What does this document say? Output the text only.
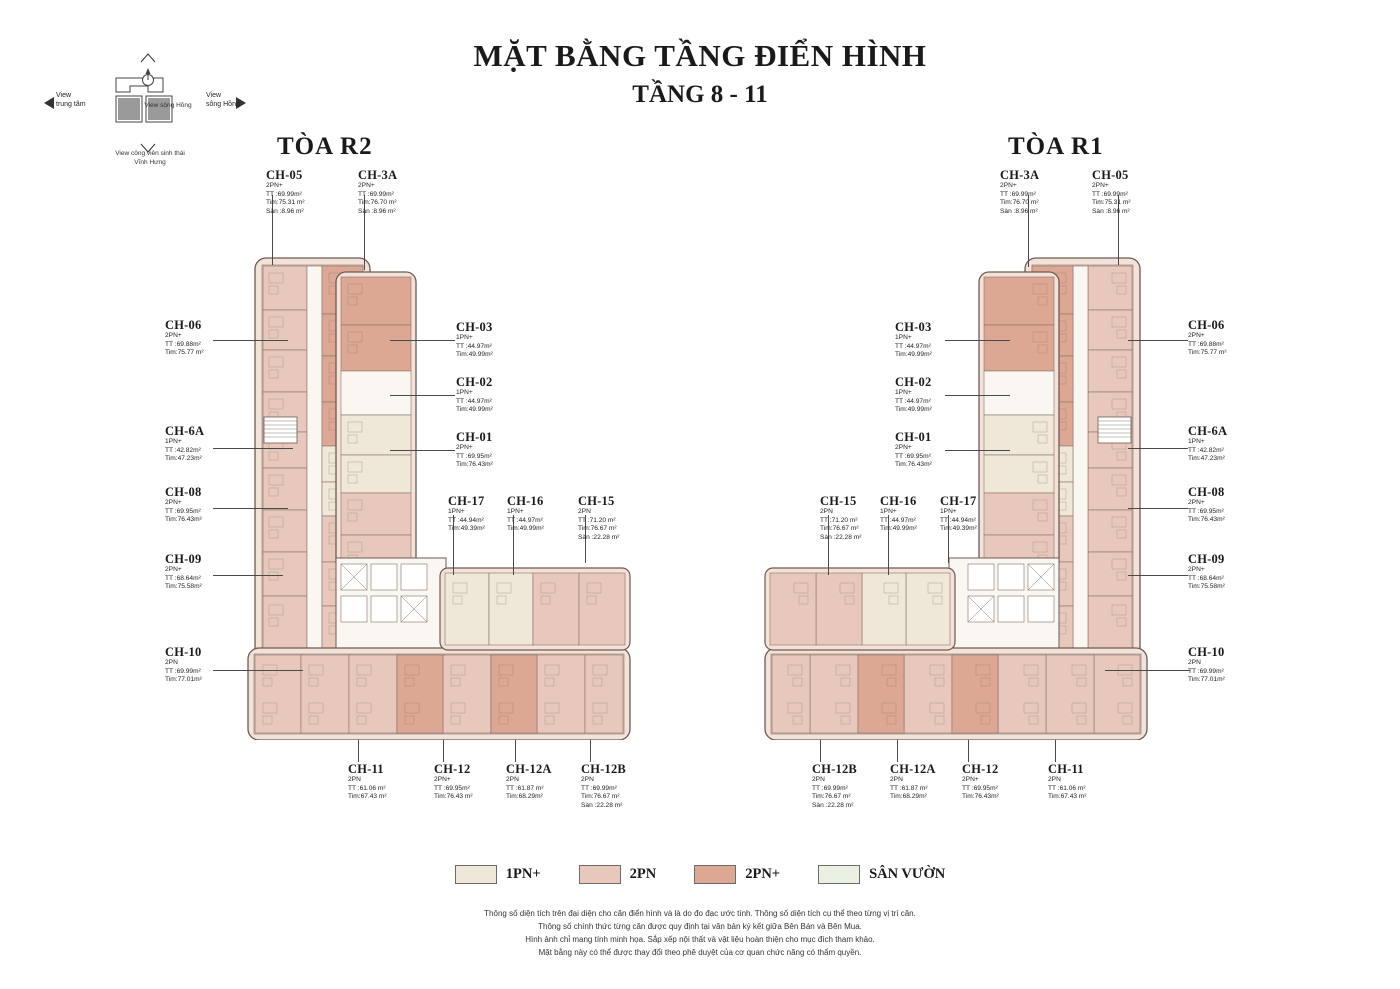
MẶT BẰNG TẦNG ĐIỂN HÌNH
TẦNG 8 - 11
View sông Hồng
View
trung tâm
View
sông Hồng
View công viên sinh thái
Vĩnh Hưng
TÒA R2	TÒA R1
CH-05
2PN+
TT :69.99m²
Tim:75.31 m²
Sàn :8.96 m²
CH-3A
2PN+
TT :69.99m²
Tim:76.70 m²
Sàn :8.96 m²
CH-06
2PN+
TT :69.88m²
Tim:75.77 m²
CH-6A
1PN+
TT :42.82m²
Tim:47.23m²
CH-08
2PN+
TT :69.95m²
Tim:76.43m²
CH-09
2PN+
TT :68.64m²
Tim:75.58m²
CH-10
2PN
TT :69.99m²
Tim:77.01m²
CH-03
1PN+
TT :44.97m²
Tim:49.99m²
CH-02
1PN+
TT :44.97m²
Tim:49.99m²
CH-01
2PN+
TT :69.95m²
Tim:76.43m²
CH-17
1PN+
TT :44.94m²
Tim:49.39m²
CH-16
1PN+
TT :44.97m²
Tim:49.99m²
CH-15
2PN
TT :71.20 m²
Tim:76.67 m²
Sàn :22.28 m²
CH-11
2PN
TT :61.06 m²
Tim:67.43 m²
CH-12
2PN+
TT :69.95m²
Tim:76.43 m²
CH-12A
2PN
TT :61.87 m²
Tim:68.29m²
CH-12B
2PN
TT :69.99m²
Tim:76.67 m²
Sàn :22.28 m²
CH-3A
2PN+
TT :69.99m²
Tim:76.70 m²
Sàn :8.96 m²
CH-05
2PN+
TT :69.99m²
Tim:75.31 m²
Sàn :8.96 m²
CH-03
1PN+
TT :44.97m²
Tim:49.99m²
CH-02
1PN+
TT :44.97m²
Tim:49.99m²
CH-01
2PN+
TT :69.95m²
Tim:76.43m²
CH-06
2PN+
TT :69.88m²
Tim:75.77 m²
CH-6A
1PN+
TT :42.82m²
Tim:47.23m²
CH-08
2PN+
TT :69.95m²
Tim:76.43m²
CH-09
2PN+
TT :68.64m²
Tim:75.58m²
CH-10
2PN
TT :69.99m²
Tim:77.01m²
CH-15
2PN
TT :71.20 m²
Tim:76.67 m²
Sàn :22.28 m²
CH-16
1PN+
TT :44.97m²
Tim:49.99m²
CH-17
1PN+
TT :44.94m²
Tim:49.39m²
CH-12B
2PN
TT :69.99m²
Tim:76.67 m²
Sàn :22.28 m²
CH-12A
2PN
TT :61.87 m²
Tim:68.29m²
CH-12
2PN+
TT :69.95m²
Tim:76.43m²
CH-11
2PN
TT :61.06 m²
Tim:67.43 m²
1PN+
	2PN
	2PN+
	SÂN VƯỜN

Thông số diện tích trên đại diện cho căn điển hình và là do đo đạc ước tính. Thông số diện tích cụ thể theo từng vị trí căn.

Thông số chính thức từng căn được quy định tại văn bản ký kết giữa Bên Bán và Bên Mua.

Hình ảnh chỉ mang tính minh họa. Sắp xếp nội thất và vật liệu hoàn thiện cho mục đích tham khảo.

Mặt bằng này có thể được thay đổi theo phê duyệt của cơ quan chức năng có thẩm quyền.
